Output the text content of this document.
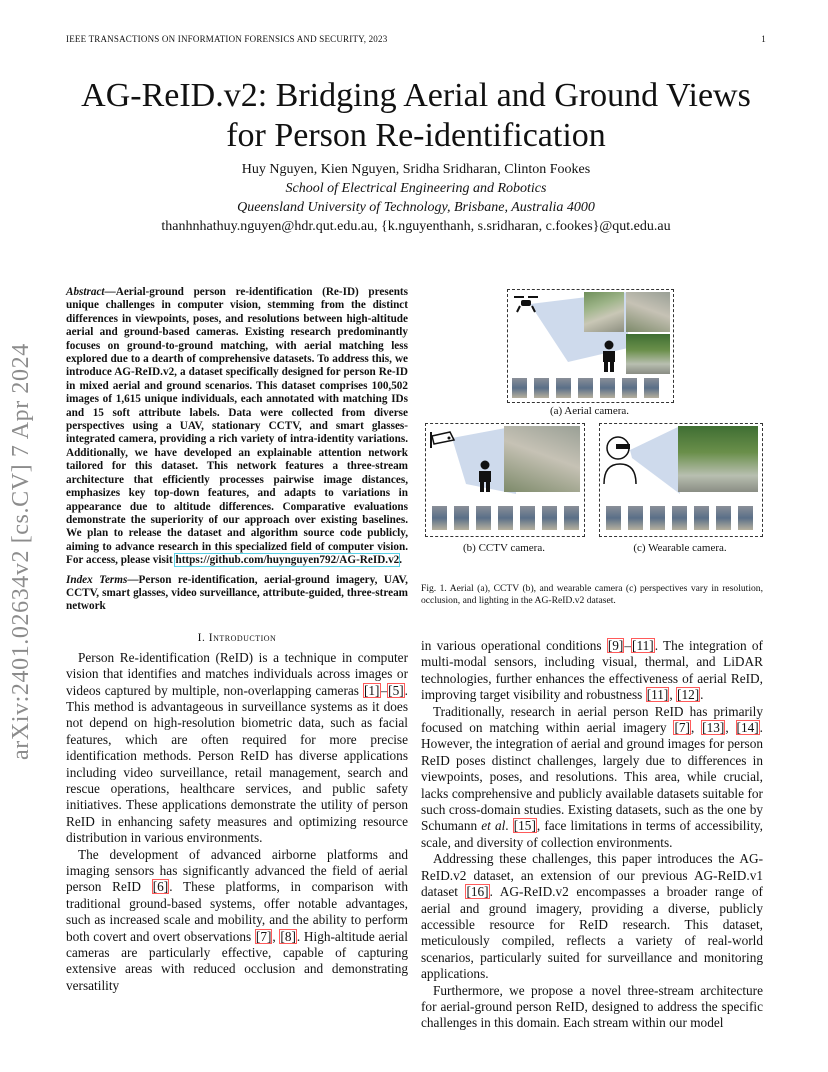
IEEE TRANSACTIONS ON INFORMATION FORENSICS AND SECURITY, 2023	1
arXiv:2401.02634v2 [cs.CV] 7 Apr 2024
AG-ReID.v2: Bridging Aerial and Ground Views
for Person Re-identification
Huy Nguyen, Kien Nguyen, Sridha Sridharan, Clinton Fookes
School of Electrical Engineering and Robotics
Queensland University of Technology, Brisbane, Australia 4000
thanhnhathuy.nguyen@hdr.qut.edu.au, {k.nguyenthanh, s.sridharan, c.fookes}@qut.edu.au
Abstract—Aerial-ground person re-identification (Re-ID) presents unique challenges in computer vision, stemming from the distinct differences in viewpoints, poses, and resolutions between high-altitude aerial and ground-based cameras. Existing research predominantly focuses on ground-to-ground matching, with aerial matching less explored due to a dearth of comprehensive datasets. To address this, we introduce AG-ReID.v2, a dataset specifically designed for person Re-ID in mixed aerial and ground scenarios. This dataset comprises 100,502 images of 1,615 unique individuals, each annotated with matching IDs and 15 soft attribute labels. Data were collected from diverse perspectives using a UAV, stationary CCTV, and smart glasses-integrated camera, providing a rich variety of intra-identity variations. Additionally, we have developed an explainable attention network tailored for this dataset. This network features a three-stream architecture that efficiently processes pairwise image distances, emphasizes key top-down features, and adapts to variations in appearance due to altitude differences. Comparative evaluations demonstrate the superiority of our approach over existing baselines. We plan to release the dataset and algorithm source code publicly, aiming to advance research in this specialized field of computer vision. For access, please visit https://github.com/huynguyen792/AG-ReID.v2.
Index Terms—Person re-identification, aerial-ground imagery, UAV, CCTV, smart glasses, video surveillance, attribute-guided, three-stream network
I. Introduction

Person Re-identification (ReID) is a technique in computer vision that identifies and matches individuals across images or videos captured by multiple, non-overlapping cameras [1]–[5]. This method is advantageous in surveillance systems as it does not depend on high-resolution biometric data, such as facial features, which are often required for more precise identification methods. Person ReID has diverse applications including video surveillance, retail management, search and rescue operations, healthcare services, and public safety initiatives. These applications demonstrate the utility of person ReID in enhancing safety measures and optimizing resource distribution in various environments.

The development of advanced airborne platforms and imaging sensors has significantly advanced the field of aerial person ReID [6]. These platforms, in comparison with traditional ground-based systems, offer notable advantages, such as increased scale and mobility, and the ability to perform both covert and overt observations [7], [8]. High-altitude aerial cameras are particularly effective, capable of capturing extensive areas with reduced occlusion and demonstrating versatility

(a) Aerial camera.
(b) CCTV camera.	(c) Wearable camera.
Fig. 1. Aerial (a), CCTV (b), and wearable camera (c) perspectives vary in resolution, occlusion, and lighting in the AG-ReID.v2 dataset.

in various operational conditions [9]–[11]. The integration of multi-modal sensors, including visual, thermal, and LiDAR technologies, further enhances the effectiveness of aerial ReID, improving target visibility and robustness [11], [12].

Traditionally, research in aerial person ReID has primarily focused on matching within aerial imagery [7], [13], [14]. However, the integration of aerial and ground images for person ReID poses distinct challenges, largely due to differences in viewpoints, poses, and resolutions. This area, while crucial, lacks comprehensive and publicly available datasets suitable for such cross-domain studies. Existing datasets, such as the one by Schumann et al. [15], face limitations in terms of accessibility, scale, and diversity of collection environments.

Addressing these challenges, this paper introduces the AG-ReID.v2 dataset, an extension of our previous AG-ReID.v1 dataset [16]. AG-ReID.v2 encompasses a broader range of aerial and ground imagery, providing a diverse, publicly accessible resource for ReID research. This dataset, meticulously compiled, reflects a variety of real-world scenarios, particularly suited for surveillance and monitoring applications.

Furthermore, we propose a novel three-stream architecture for aerial-ground person ReID, designed to address the specific challenges in this domain. Each stream within our model
